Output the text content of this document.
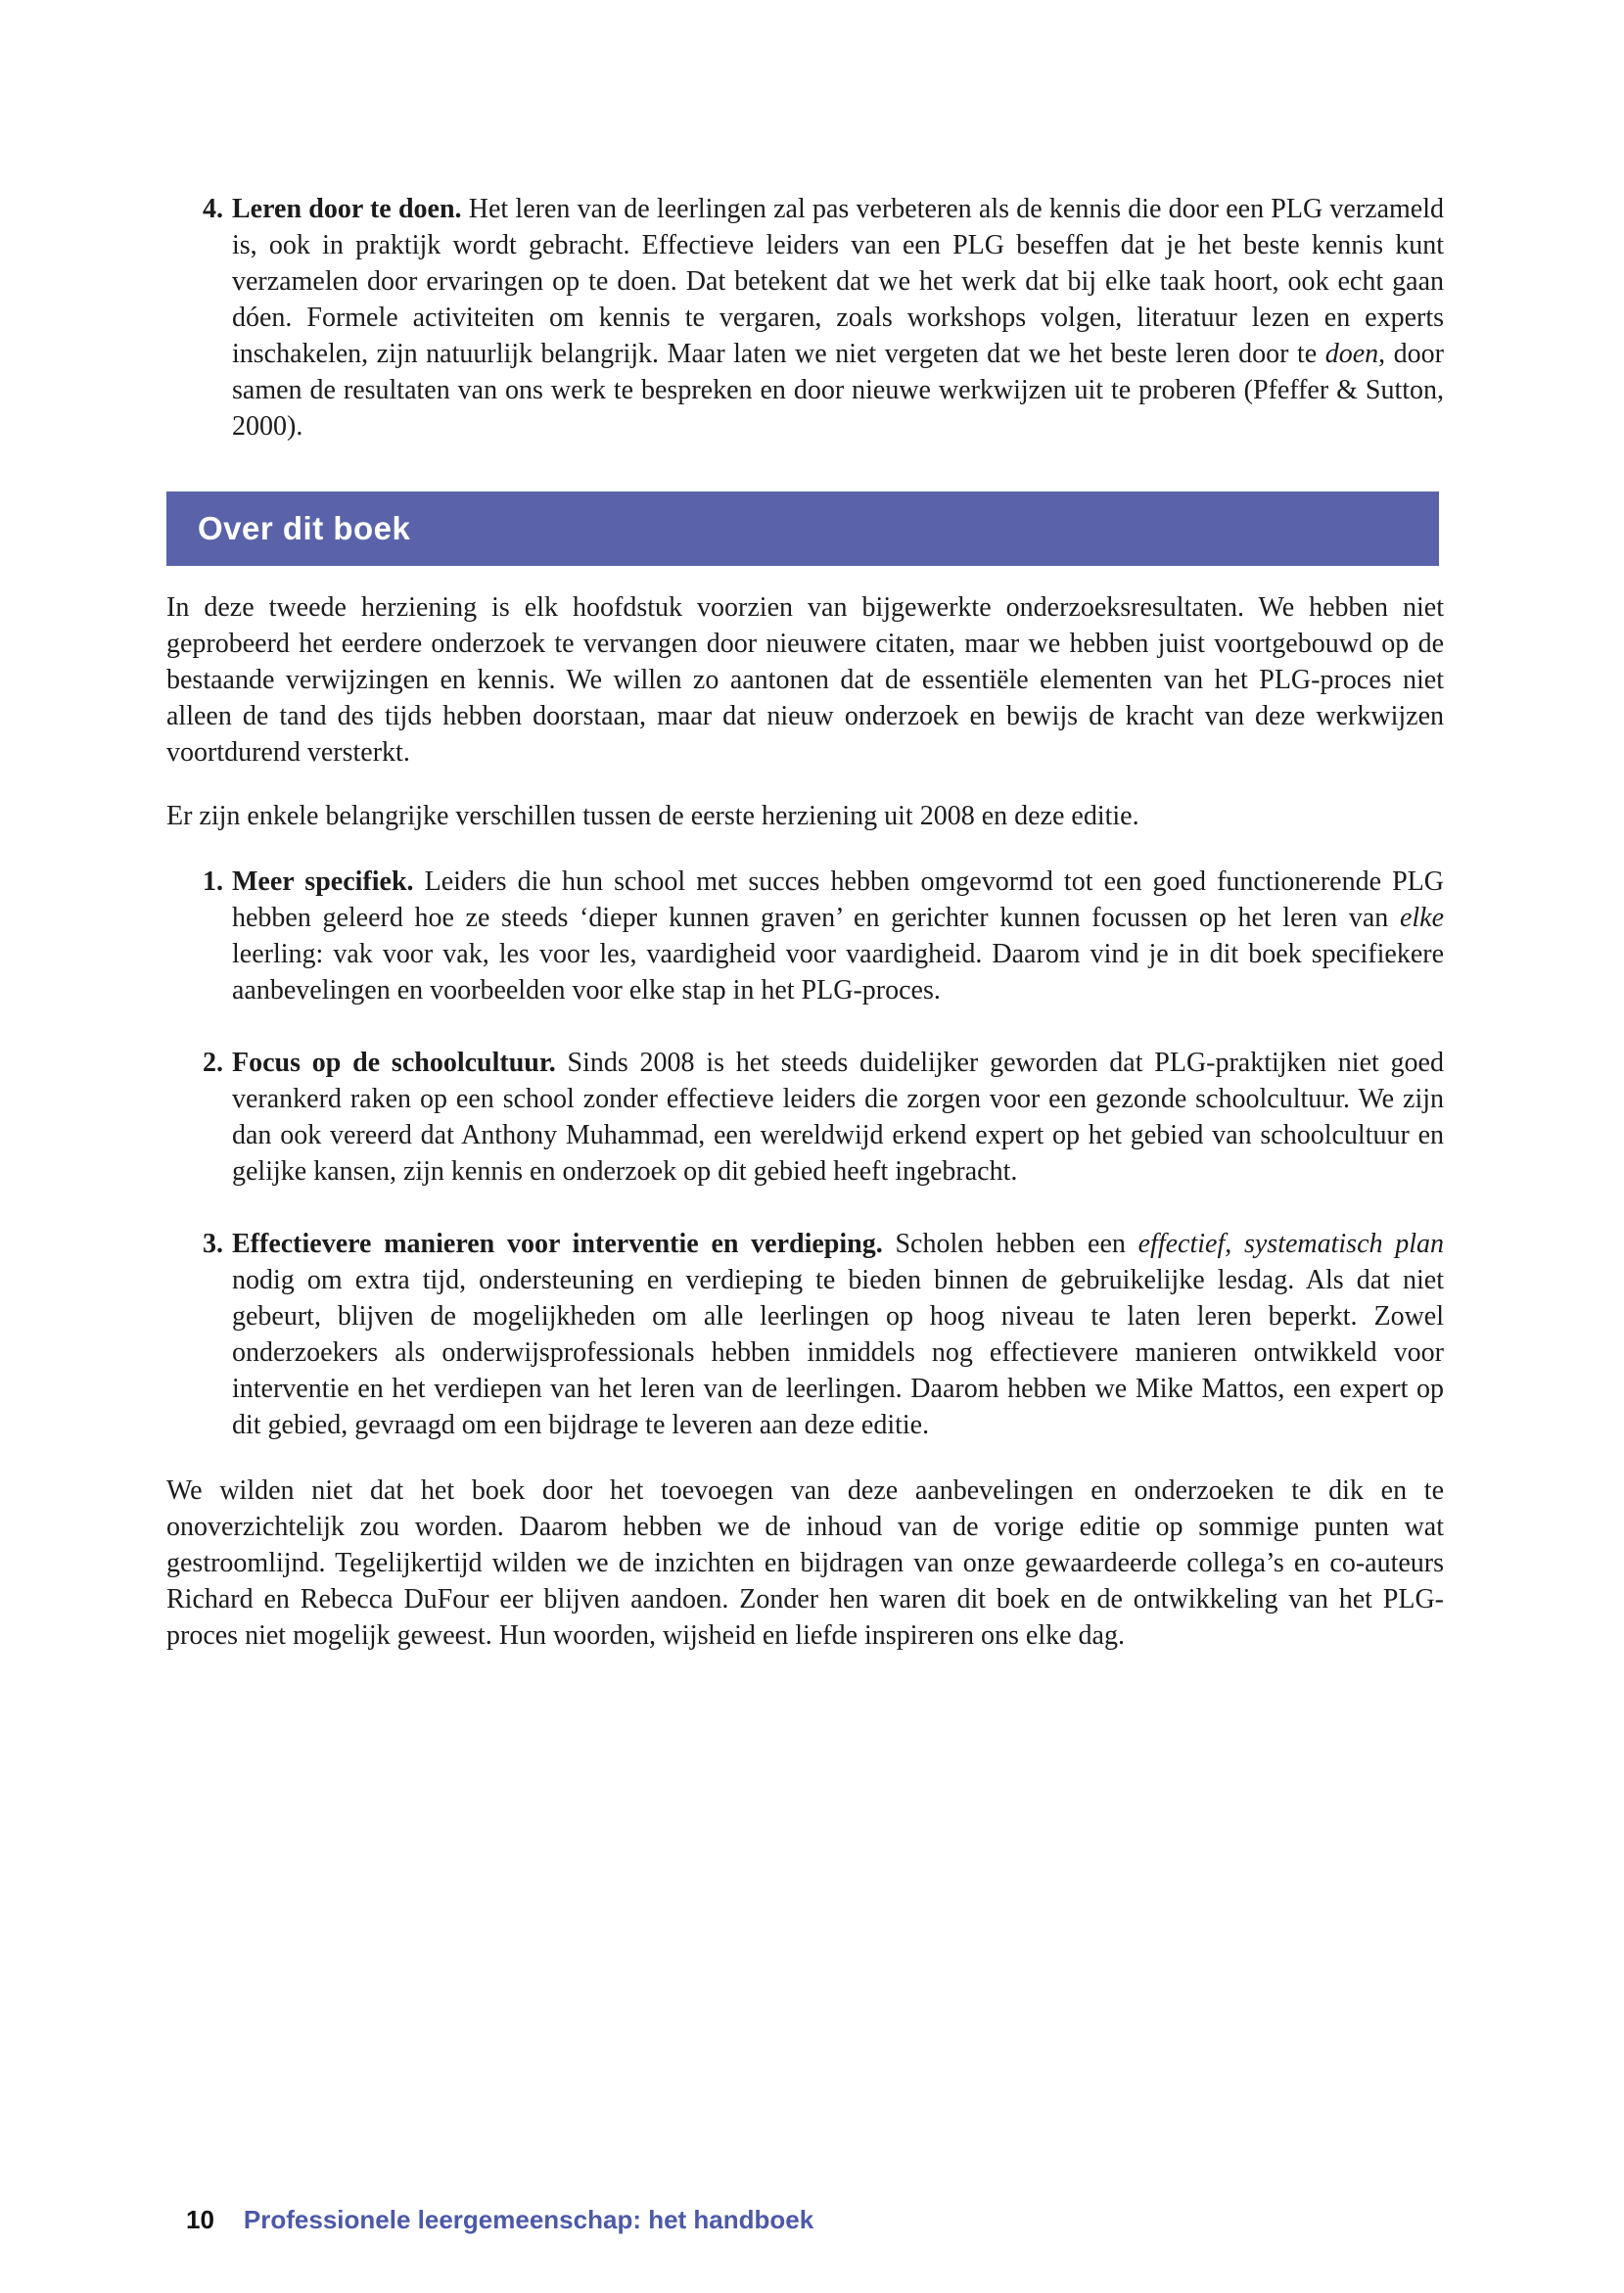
4. Leren door te doen. Het leren van de leerlingen zal pas verbeteren als de kennis die door een PLG verzameld is, ook in praktijk wordt gebracht. Effectieve leiders van een PLG beseffen dat je het beste kennis kunt verzamelen door ervaringen op te doen. Dat betekent dat we het werk dat bij elke taak hoort, ook echt gaan dóen. Formele activiteiten om kennis te vergaren, zoals workshops volgen, literatuur lezen en experts inschakelen, zijn natuurlijk belangrijk. Maar laten we niet vergeten dat we het beste leren door te doen, door samen de resultaten van ons werk te bespreken en door nieuwe werkwijzen uit te proberen (Pfeffer & Sutton, 2000).
Over dit boek

In deze tweede herziening is elk hoofdstuk voorzien van bijgewerkte onderzoeksresultaten. We hebben niet geprobeerd het eerdere onderzoek te vervangen door nieuwere citaten, maar we hebben juist voortgebouwd op de bestaande verwijzingen en kennis. We willen zo aantonen dat de essentiële elementen van het PLG-proces niet alleen de tand des tijds hebben doorstaan, maar dat nieuw onderzoek en bewijs de kracht van deze werkwijzen voortdurend versterkt.

Er zijn enkele belangrijke verschillen tussen de eerste herziening uit 2008 en deze editie.

1. Meer specifiek. Leiders die hun school met succes hebben omgevormd tot een goed functionerende PLG hebben geleerd hoe ze steeds ‘dieper kunnen graven’ en gerichter kunnen focussen op het leren van elke leerling: vak voor vak, les voor les, vaardigheid voor vaardigheid. Daarom vind je in dit boek specifiekere aanbevelingen en voorbeelden voor elke stap in het PLG-proces.
2. Focus op de schoolcultuur. Sinds 2008 is het steeds duidelijker geworden dat PLG-praktijken niet goed verankerd raken op een school zonder effectieve leiders die zorgen voor een gezonde schoolcultuur. We zijn dan ook vereerd dat Anthony Muhammad, een wereldwijd erkend expert op het gebied van schoolcultuur en gelijke kansen, zijn kennis en onderzoek op dit gebied heeft ingebracht.
3. Effectievere manieren voor interventie en verdieping. Scholen hebben een effectief, systematisch plan nodig om extra tijd, ondersteuning en verdieping te bieden binnen de gebruikelijke lesdag. Als dat niet gebeurt, blijven de mogelijkheden om alle leerlingen op hoog niveau te laten leren beperkt. Zowel onderzoekers als onderwijsprofessionals hebben inmiddels nog effectievere manieren ontwikkeld voor interventie en het verdiepen van het leren van de leerlingen. Daarom hebben we Mike Mattos, een expert op dit gebied, gevraagd om een bijdrage te leveren aan deze editie.

We wilden niet dat het boek door het toevoegen van deze aanbevelingen en onderzoeken te dik en te onoverzichtelijk zou worden. Daarom hebben we de inhoud van de vorige editie op sommige punten wat gestroomlijnd. Tegelijkertijd wilden we de inzichten en bijdragen van onze gewaardeerde collega’s en co-auteurs Richard en Rebecca DuFour eer blijven aandoen. Zonder hen waren dit boek en de ontwikkeling van het PLG-proces niet mogelijk geweest. Hun woorden, wijsheid en liefde inspireren ons elke dag.

10 Professionele leergemeenschap: het handboek
